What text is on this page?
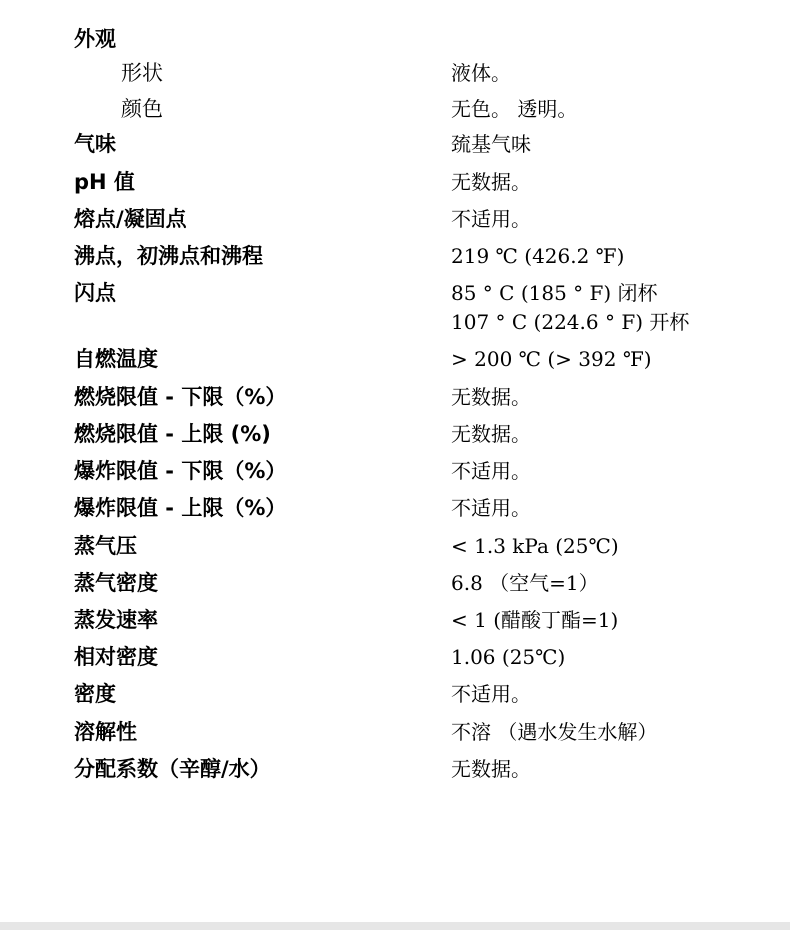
外观
形状	液体。
颜色	无色。 透明。
气味	巯基气味
pH 值	无数据。
熔点/凝固点	不适用。
沸点，初沸点和沸程	219 ℃ (426.2 ℉)
闪点	85 ° C (185 ° F) 闭杯
107 ° C (224.6 ° F) 开杯
自燃温度	> 200 ℃ (> 392 ℉)
燃烧限值 - 下限（%）	无数据。
燃烧限值 - 上限 (%)	无数据。
爆炸限值 - 下限（%）	不适用。
爆炸限值 - 上限（%）	不适用。
蒸气压	< 1.3 kPa (25℃)
蒸气密度	6.8 （空气=1）
蒸发速率	< 1 (醋酸丁酯=1)
相对密度	1.06 (25℃)
密度	不适用。
溶解性	不溶 （遇水发生水解）
分配系数（辛醇/水）	无数据。
